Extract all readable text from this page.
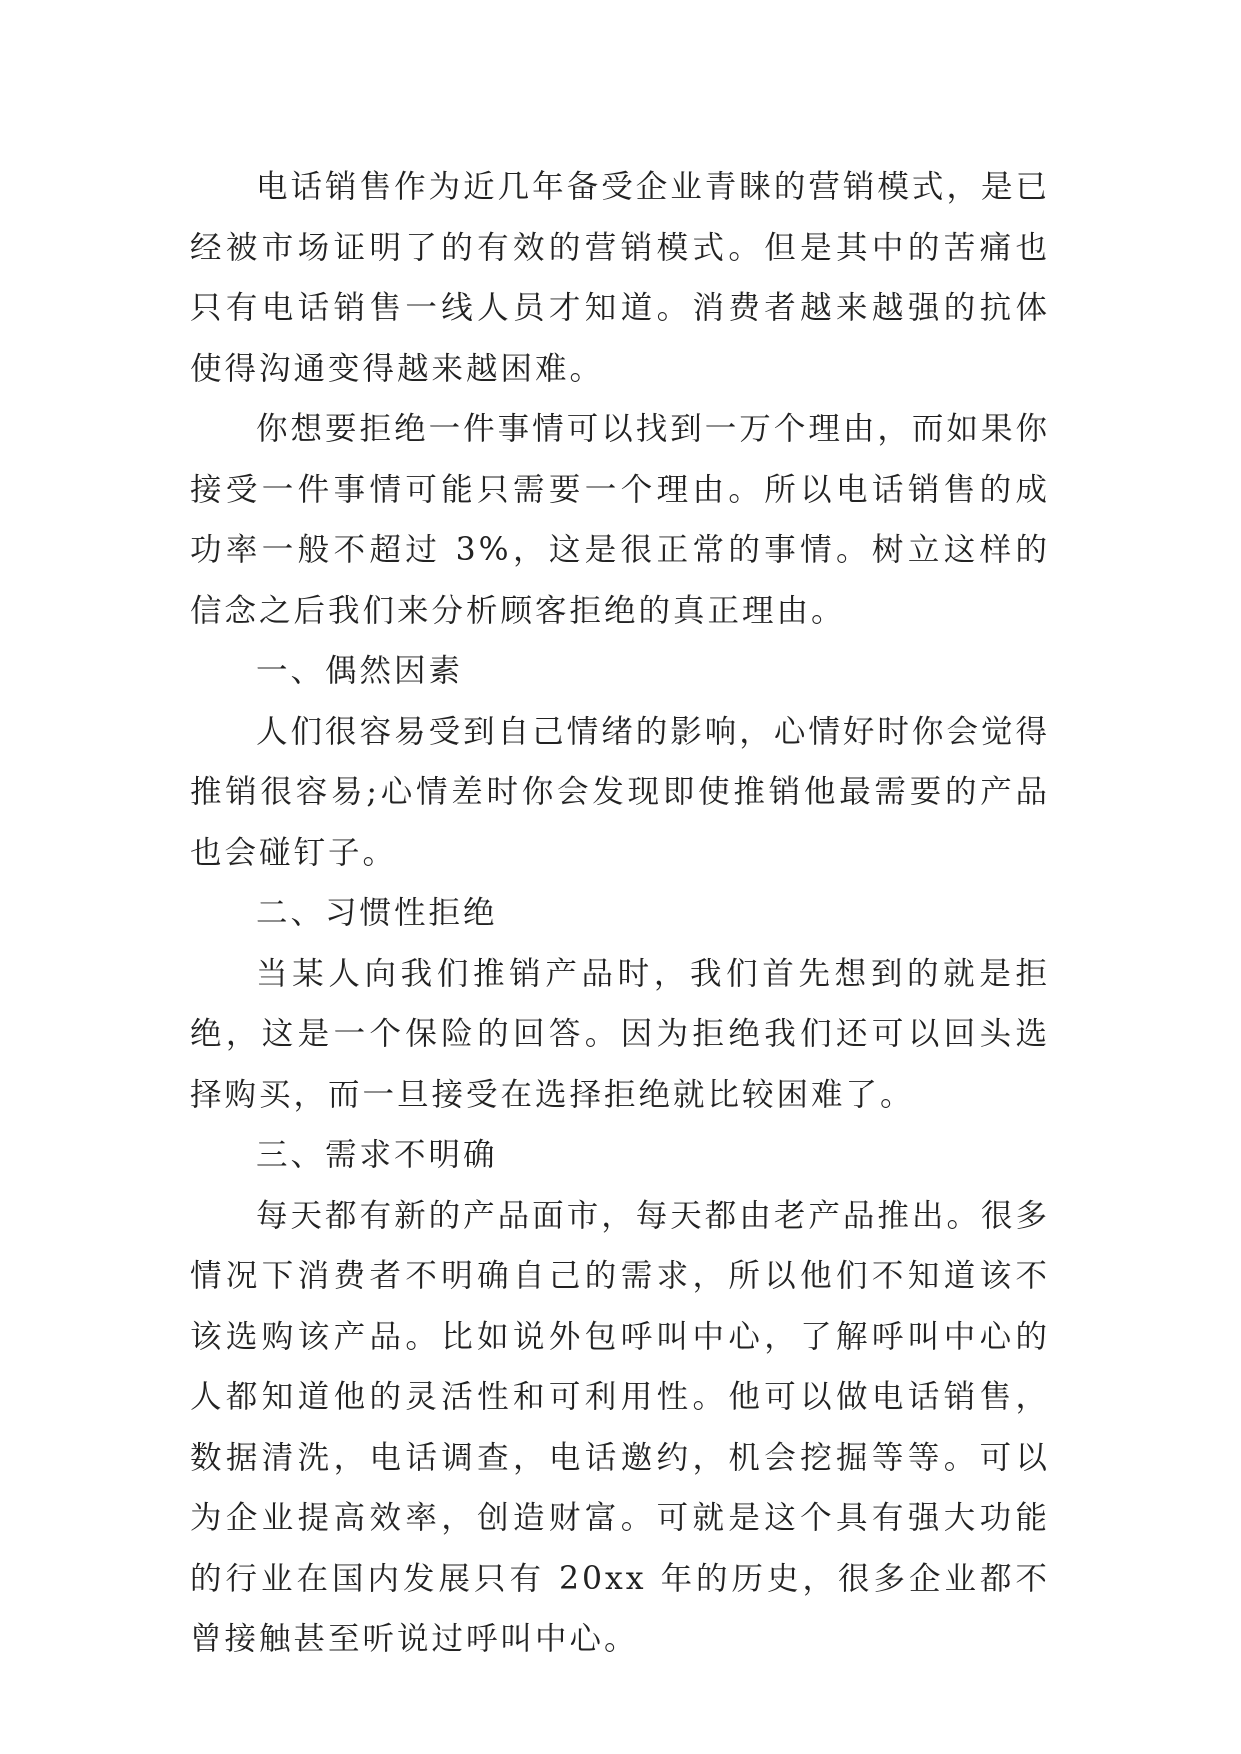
电话销售作为近几年备受企业青睐的营销模式，是已经被市场证明了的有效的营销模式。但是其中的苦痛也只有电话销售一线人员才知道。消费者越来越强的抗体使得沟通变得越来越困难。

你想要拒绝一件事情可以找到一万个理由，而如果你接受一件事情可能只需要一个理由。所以电话销售的成功率一般不超过 3%，这是很正常的事情。树立这样的信念之后我们来分析顾客拒绝的真正理由。

一、偶然因素

人们很容易受到自己情绪的影响，心情好时你会觉得推销很容易;心情差时你会发现即使推销他最需要的产品也会碰钉子。

二、习惯性拒绝

当某人向我们推销产品时，我们首先想到的就是拒绝，这是一个保险的回答。因为拒绝我们还可以回头选择购买，而一旦接受在选择拒绝就比较困难了。

三、需求不明确

每天都有新的产品面市，每天都由老产品推出。很多情况下消费者不明确自己的需求，所以他们不知道该不该选购该产品。比如说外包呼叫中心，了解呼叫中心的人都知道他的灵活性和可利用性。他可以做电话销售，数据清洗，电话调查，电话邀约，机会挖掘等等。可以为企业提高效率，创造财富。可就是这个具有强大功能的行业在国内发展只有 20xx 年的历史，很多企业都不曾接触甚至听说过呼叫中心。
